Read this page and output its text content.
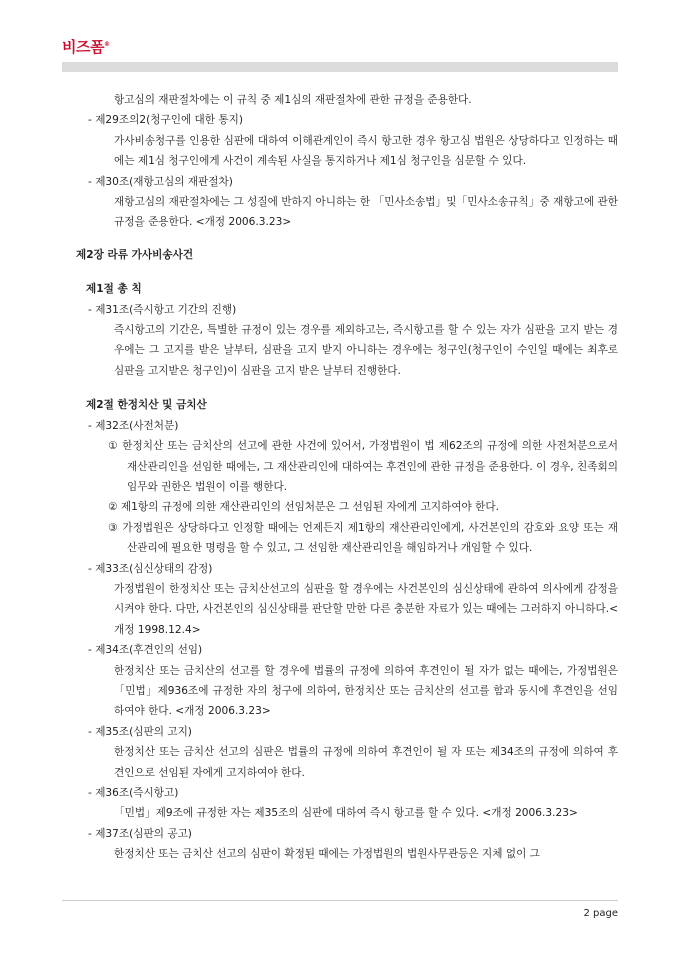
비즈폼®

항고심의 재판절차에는 이 규칙 중 제1심의 재판절차에 관한 규정을 준용한다.

- 제29조의2(청구인에 대한 통지)

가사비송청구를 인용한 심판에 대하여 이해관계인이 즉시 항고한 경우 항고심 법원은 상당하다고 인정하는 때에는 제1심 청구인에게 사건이 계속된 사실을 통지하거나 제1심 청구인을 심문할 수 있다.

- 제30조(재항고심의 재판절차)

재항고심의 재판절차에는 그 성질에 반하지 아니하는 한 「민사소송법」및「민사소송규칙」중 재항고에 관한 규정을 준용한다. <개정 2006.3.23>

제2장 라류 가사비송사건

제1절 총 칙

- 제31조(즉시항고 기간의 진행)

즉시항고의 기간은, 특별한 규정이 있는 경우를 제외하고는, 즉시항고를 할 수 있는 자가 심판을 고지 받는 경우에는 그 고지를 받은 날부터, 심판을 고지 받지 아니하는 경우에는 청구인(청구인이 수인일 때에는 최후로 심판을 고지받은 청구인)이 심판을 고지 받은 날부터 진행한다.

제2절 한정치산 및 금치산

- 제32조(사전처분)

① 한정치산 또는 금치산의 선고에 관한 사건에 있어서, 가정법원이 법 제62조의 규정에 의한 사전처분으로서 재산관리인을 선임한 때에는, 그 재산관리인에 대하여는 후견인에 관한 규정을 준용한다. 이 경우, 친족회의 임무와 권한은 법원이 이를 행한다.

② 제1항의 규정에 의한 재산관리인의 선임처분은 그 선임된 자에게 고지하여야 한다.

③ 가정법원은 상당하다고 인정할 때에는 언제든지 제1항의 재산관리인에게, 사건본인의 감호와 요양 또는 재산관리에 필요한 명령을 할 수 있고, 그 선임한 재산관리인을 해임하거나 개임할 수 있다.

- 제33조(심신상태의 감정)

가정법원이 한정치산 또는 금치산선고의 심판을 할 경우에는 사건본인의 심신상태에 관하여 의사에게 감정을 시켜야 한다. 다만, 사건본인의 심신상태를 판단할 만한 다른 충분한 자료가 있는 때에는 그러하지 아니하다.<개정 1998.12.4>

- 제34조(후견인의 선임)

한정치산 또는 금치산의 선고를 할 경우에 법률의 규정에 의하여 후견인이 될 자가 없는 때에는, 가정법원은「민법」제936조에 규정한 자의 청구에 의하여, 한정치산 또는 금치산의 선고를 함과 동시에 후견인을 선임하여야 한다. <개정 2006.3.23>

- 제35조(심판의 고지)

한정치산 또는 금치산 선고의 심판은 법률의 규정에 의하여 후견인이 될 자 또는 제34조의 규정에 의하여 후견인으로 선임된 자에게 고지하여야 한다.

- 제36조(즉시항고)

「민법」제9조에 규정한 자는 제35조의 심판에 대하여 즉시 항고를 할 수 있다. <개정 2006.3.23>

- 제37조(심판의 공고)

한정치산 또는 금치산 선고의 심판이 확정된 때에는 가정법원의 법원사무관등은 지체 없이 그

2 page
